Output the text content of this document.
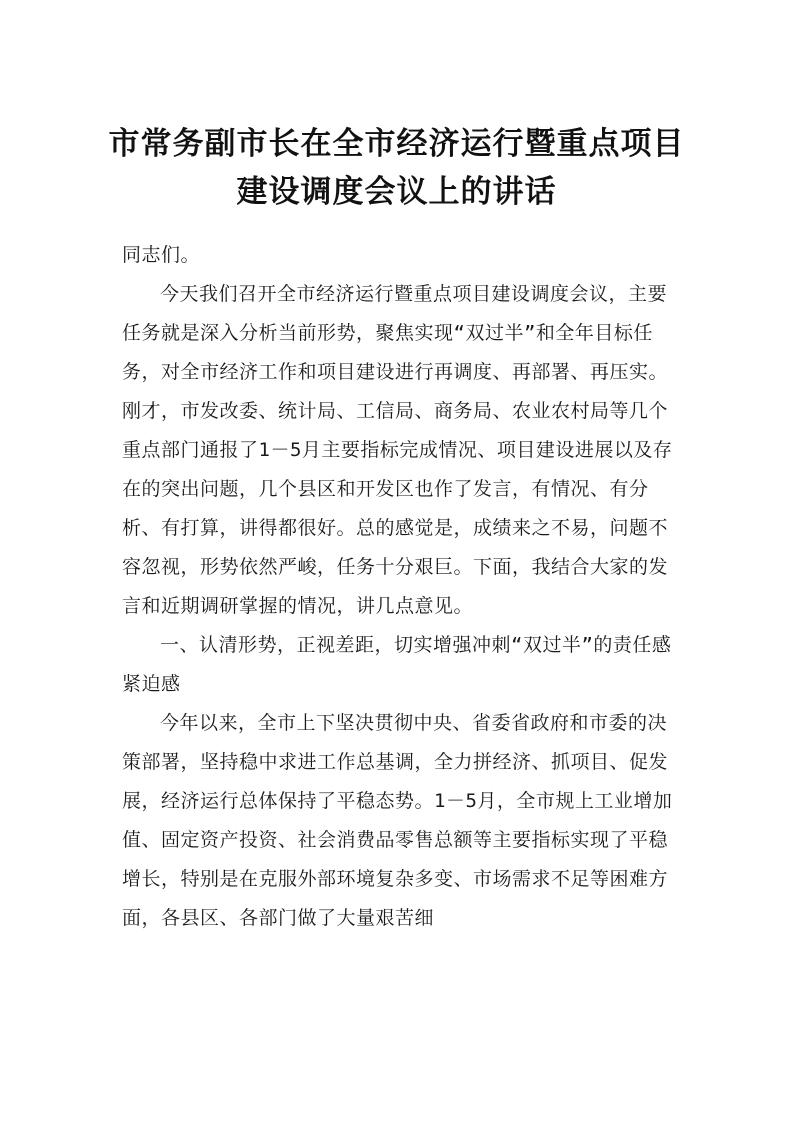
市常务副市长在全市经济运行暨重点项目
建设调度会议上的讲话

同志们。

今天我们召开全市经济运行暨重点项目建设调度会议，主要任务就是深入分析当前形势，聚焦实现“双过半”和全年目标任务，对全市经济工作和项目建设进行再调度、再部署、再压实。刚才，市发改委、统计局、工信局、商务局、农业农村局等几个重点部门通报了1－5月主要指标完成情况、项目建设进展以及存在的突出问题，几个县区和开发区也作了发言，有情况、有分析、有打算，讲得都很好。总的感觉是，成绩来之不易，问题不容忽视，形势依然严峻，任务十分艰巨。下面，我结合大家的发言和近期调研掌握的情况，讲几点意见。

一、认清形势，正视差距，切实增强冲刺“双过半”的责任感紧迫感

今年以来，全市上下坚决贯彻中央、省委省政府和市委的决策部署，坚持稳中求进工作总基调，全力拼经济、抓项目、促发展，经济运行总体保持了平稳态势。1－5月，全市规上工业增加值、固定资产投资、社会消费品零售总额等主要指标实现了平稳增长，特别是在克服外部环境复杂多变、市场需求不足等困难方面，各县区、各部门做了大量艰苦细
